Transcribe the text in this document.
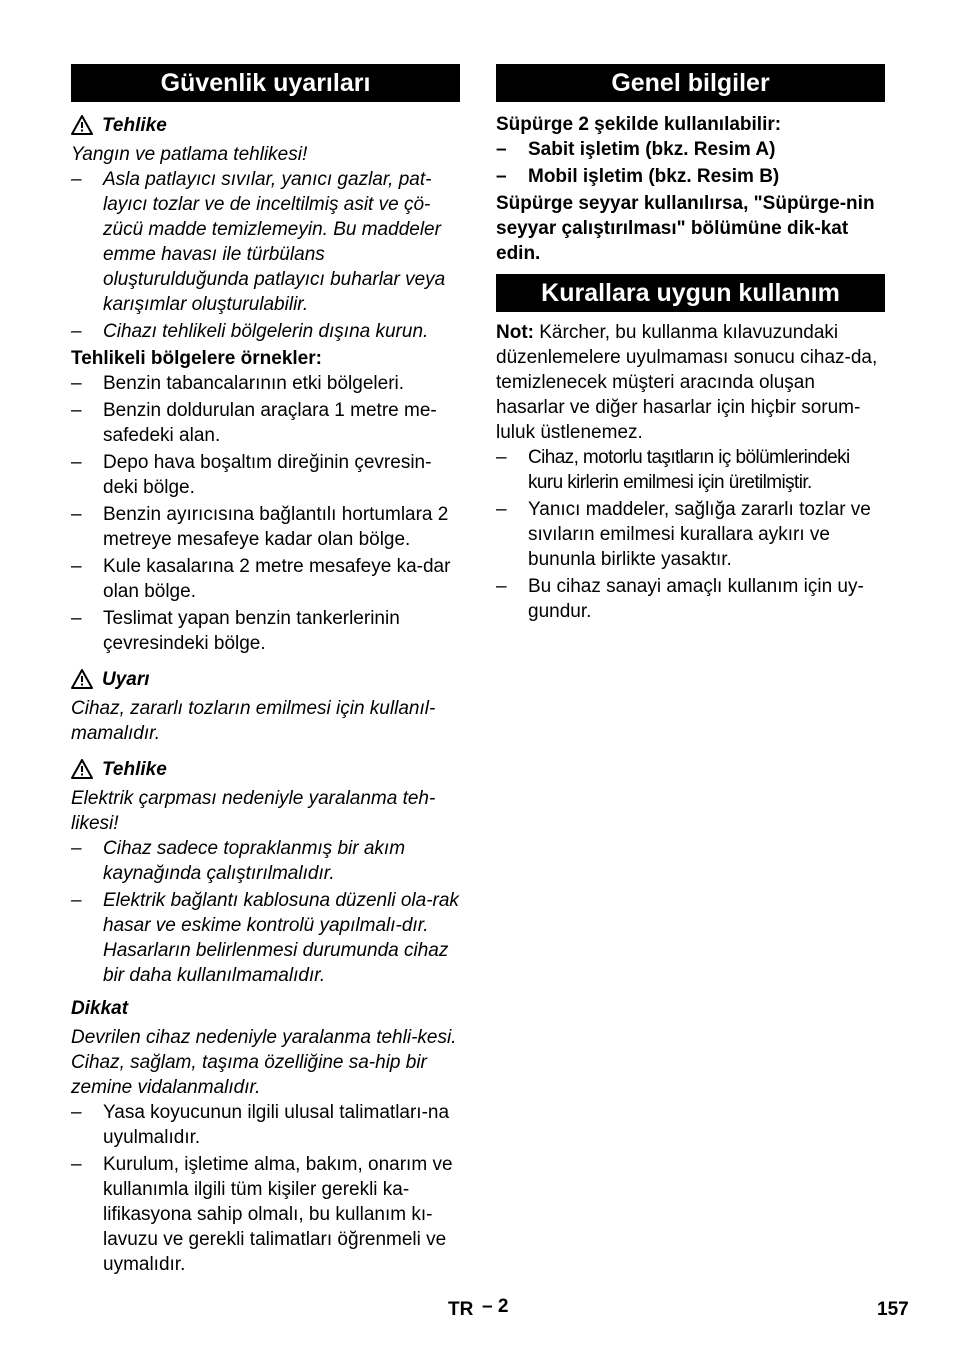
Güvenlik uyarıları
Tehlike

Yangın ve patlama tehlikesi!

– Asla patlayıcı sıvılar, yanıcı gazlar, pat-layıcı tozlar ve de inceltilmiş asit ve çö-zücü madde temizlemeyin. Bu maddeler emme havası ile türbülans oluşturulduğunda patlayıcı buharlar veya karışımlar oluşturulabilir.
– Cihazı tehlikeli bölgelerin dışına kurun.

Tehlikeli bölgelere örnekler:

– Benzin tabancalarının etki bölgeleri.
– Benzin doldurulan araçlara 1 metre me-safedeki alan.
– Depo hava boşaltım direğinin çevresin-deki bölge.
– Benzin ayırıcısına bağlantılı hortumlara 2 metreye mesafeye kadar olan bölge.
– Kule kasalarına 2 metre mesafeye ka-dar olan bölge.
– Teslimat yapan benzin tankerlerinin çevresindeki bölge.
Uyarı

Cihaz, zararlı tozların emilmesi için kullanıl-mamalıdır.

Tehlike

Elektrik çarpması nedeniyle yaralanma teh-likesi!

– Cihaz sadece topraklanmış bir akım kaynağında çalıştırılmalıdır.
– Elektrik bağlantı kablosuna düzenli ola-rak hasar ve eskime kontrolü yapılmalı-dır. Hasarların belirlenmesi durumunda cihaz bir daha kullanılmamalıdır.

Dikkat

Devrilen cihaz nedeniyle yaralanma tehli-kesi. Cihaz, sağlam, taşıma özelliğine sa-hip bir zemine vidalanmalıdır.

– Yasa koyucunun ilgili ulusal talimatları-na uyulmalıdır.
– Kurulum, işletime alma, bakım, onarım ve kullanımla ilgili tüm kişiler gerekli ka-lifikasyona sahip olmalı, bu kullanım kı-lavuzu ve gerekli talimatları öğrenmeli ve uymalıdır.
Genel bilgiler

Süpürge 2 şekilde kullanılabilir:

– Sabit işletim (bkz. Resim A)
– Mobil işletim (bkz. Resim B)

Süpürge seyyar kullanılırsa, "Süpürge-nin seyyar çalıştırılması" bölümüne dik-kat edin.

Kurallara uygun kullanım

Not: Kärcher, bu kullanma kılavuzundaki düzenlemelere uyulmaması sonucu cihaz-da, temizlenecek müşteri aracında oluşan hasarlar ve diğer hasarlar için hiçbir sorum-luluk üstlenemez.

– Cihaz, motorlu taşıtların iç bölümlerindeki kuru kirlerin emilmesi için üretilmiştir.
– Yanıcı maddeler, sağlığa zararlı tozlar ve sıvıların emilmesi kurallara aykırı ve bununla birlikte yasaktır.
– Bu cihaz sanayi amaçlı kullanım için uy-gundur.
TR – 2	157
